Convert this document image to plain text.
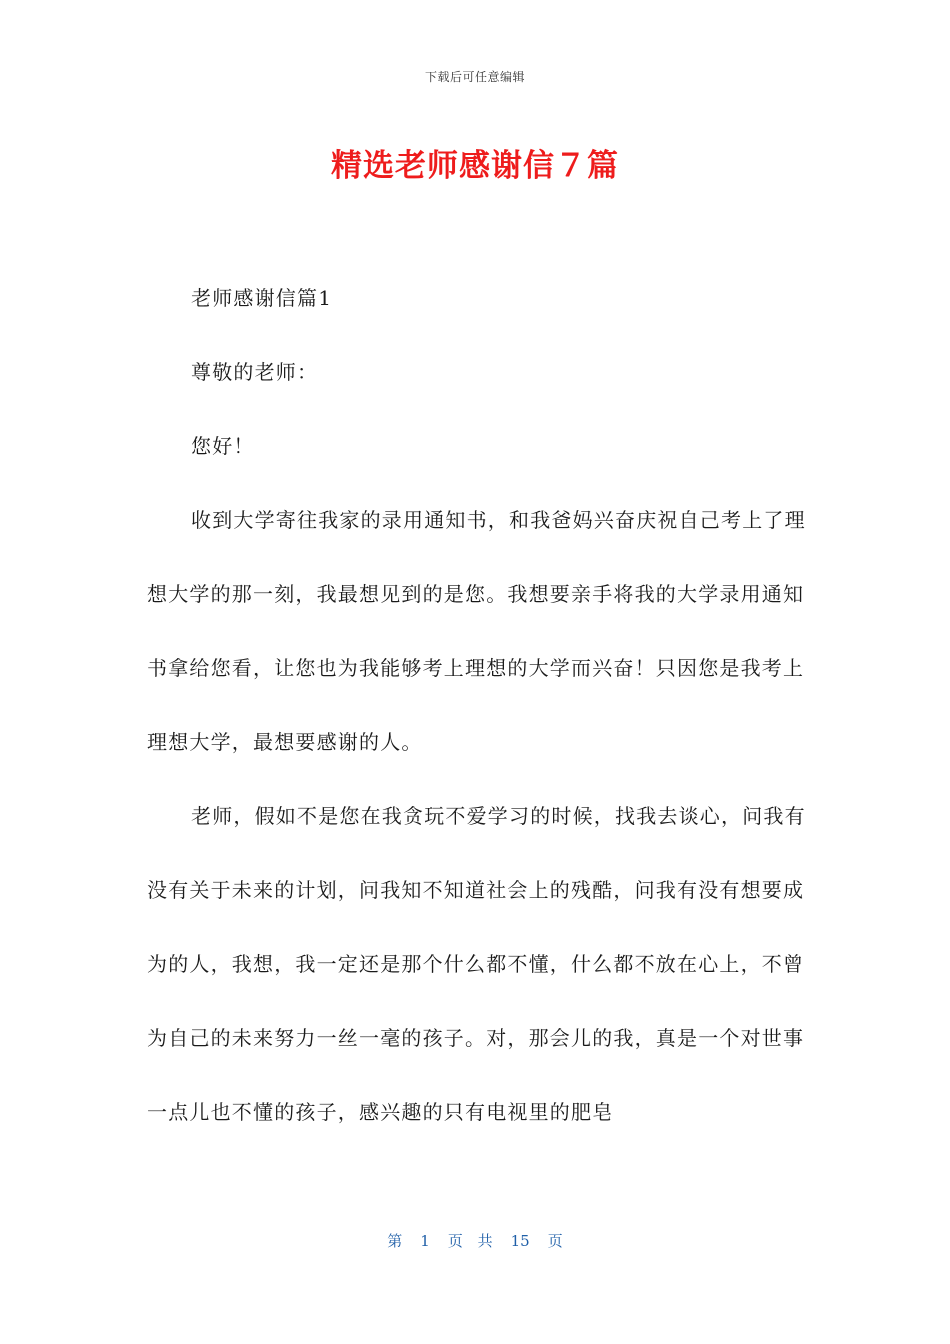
下载后可任意编辑
精选老师感谢信７篇

老师感谢信篇1

尊敬的老师：

您好！

收到大学寄往我家的录用通知书，和我爸妈兴奋庆祝自己考上了理想大学的那一刻，我最想见到的是您。我想要亲手将我的大学录用通知书拿给您看，让您也为我能够考上理想的大学而兴奋！只因您是我考上理想大学，最想要感谢的人。

老师，假如不是您在我贪玩不爱学习的时候，找我去谈心，问我有没有关于未来的计划，问我知不知道社会上的残酷，问我有没有想要成为的人，我想，我一定还是那个什么都不懂，什么都不放在心上，不曾为自己的未来努力一丝一毫的孩子。对，那会儿的我，真是一个对世事一点儿也不懂的孩子，感兴趣的只有电视里的肥皂

第 1 页 共 15 页
